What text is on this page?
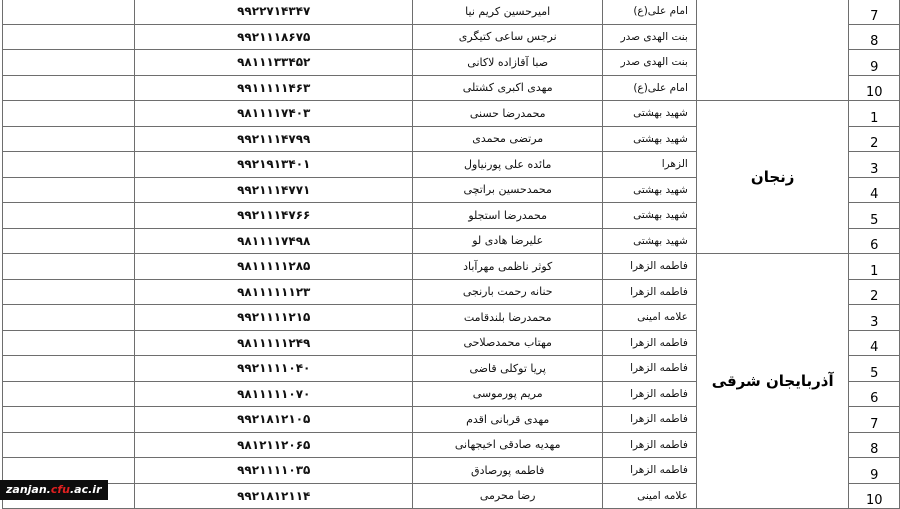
	۹۹۲۲۷۱۴۳۴۷	امیرحسین کریم نیا	امام علی(ع)		7
	۹۹۲۱۱۱۸۶۷۵	نرجس ساعی کتیگری	بنت الهدی صدر		8
	۹۸۱۱۱۳۳۴۵۲	صبا آقازاده لاکانی	بنت الهدی صدر		9
	۹۹۱۱۱۱۱۴۶۳	مهدی اکبری کشتلی	امام علی(ع)		10
	۹۸۱۱۱۱۷۴۰۳	محمدرضا حسنی	شهید بهشتی	زنجان	1
	۹۹۲۱۱۱۴۷۹۹	مرتضی محمدی	شهید بهشتی		2
	۹۹۲۱۹۱۳۴۰۱	مائده علی پورنیاول	الزهرا		3
	۹۹۲۱۱۱۴۷۷۱	محمدحسین براتچی	شهید بهشتی		4
	۹۹۲۱۱۱۴۷۶۶	محمدرضا استجلو	شهید بهشتی		5
	۹۸۱۱۱۱۷۴۹۸	علیرضا هادی لو	شهید بهشتی		6
	۹۸۱۱۱۱۱۲۸۵	کوثر ناظمی مهرآباد	فاطمه الزهرا	آذربایجان شرقی	1
	۹۸۱۱۱۱۱۱۲۳	حنانه رحمت بارنجی	فاطمه الزهرا		2
	۹۹۲۱۱۱۱۲۱۵	محمدرضا بلندقامت	علامه امینی		3
	۹۸۱۱۱۱۱۲۴۹	مهتاب محمدصلاحی	فاطمه الزهرا		4
	۹۹۲۱۱۱۱۰۴۰	پریا توکلی قاضی	فاطمه الزهرا		5
	۹۸۱۱۱۱۱۰۷۰	مریم پورموسی	فاطمه الزهرا		6
	۹۹۲۱۸۱۲۱۰۵	مهدی قربانی اقدم	فاطمه الزهرا		7
	۹۸۱۲۱۱۲۰۶۵	مهدیه صادقی اخیجهانی	فاطمه الزهرا		8
	۹۹۲۱۱۱۱۰۳۵	فاطمه پورصادق	فاطمه الزهرا		9
	۹۹۲۱۸۱۲۱۱۴	رضا محرمی	علامه امینی		10
zanjan.cfu.ac.ir
